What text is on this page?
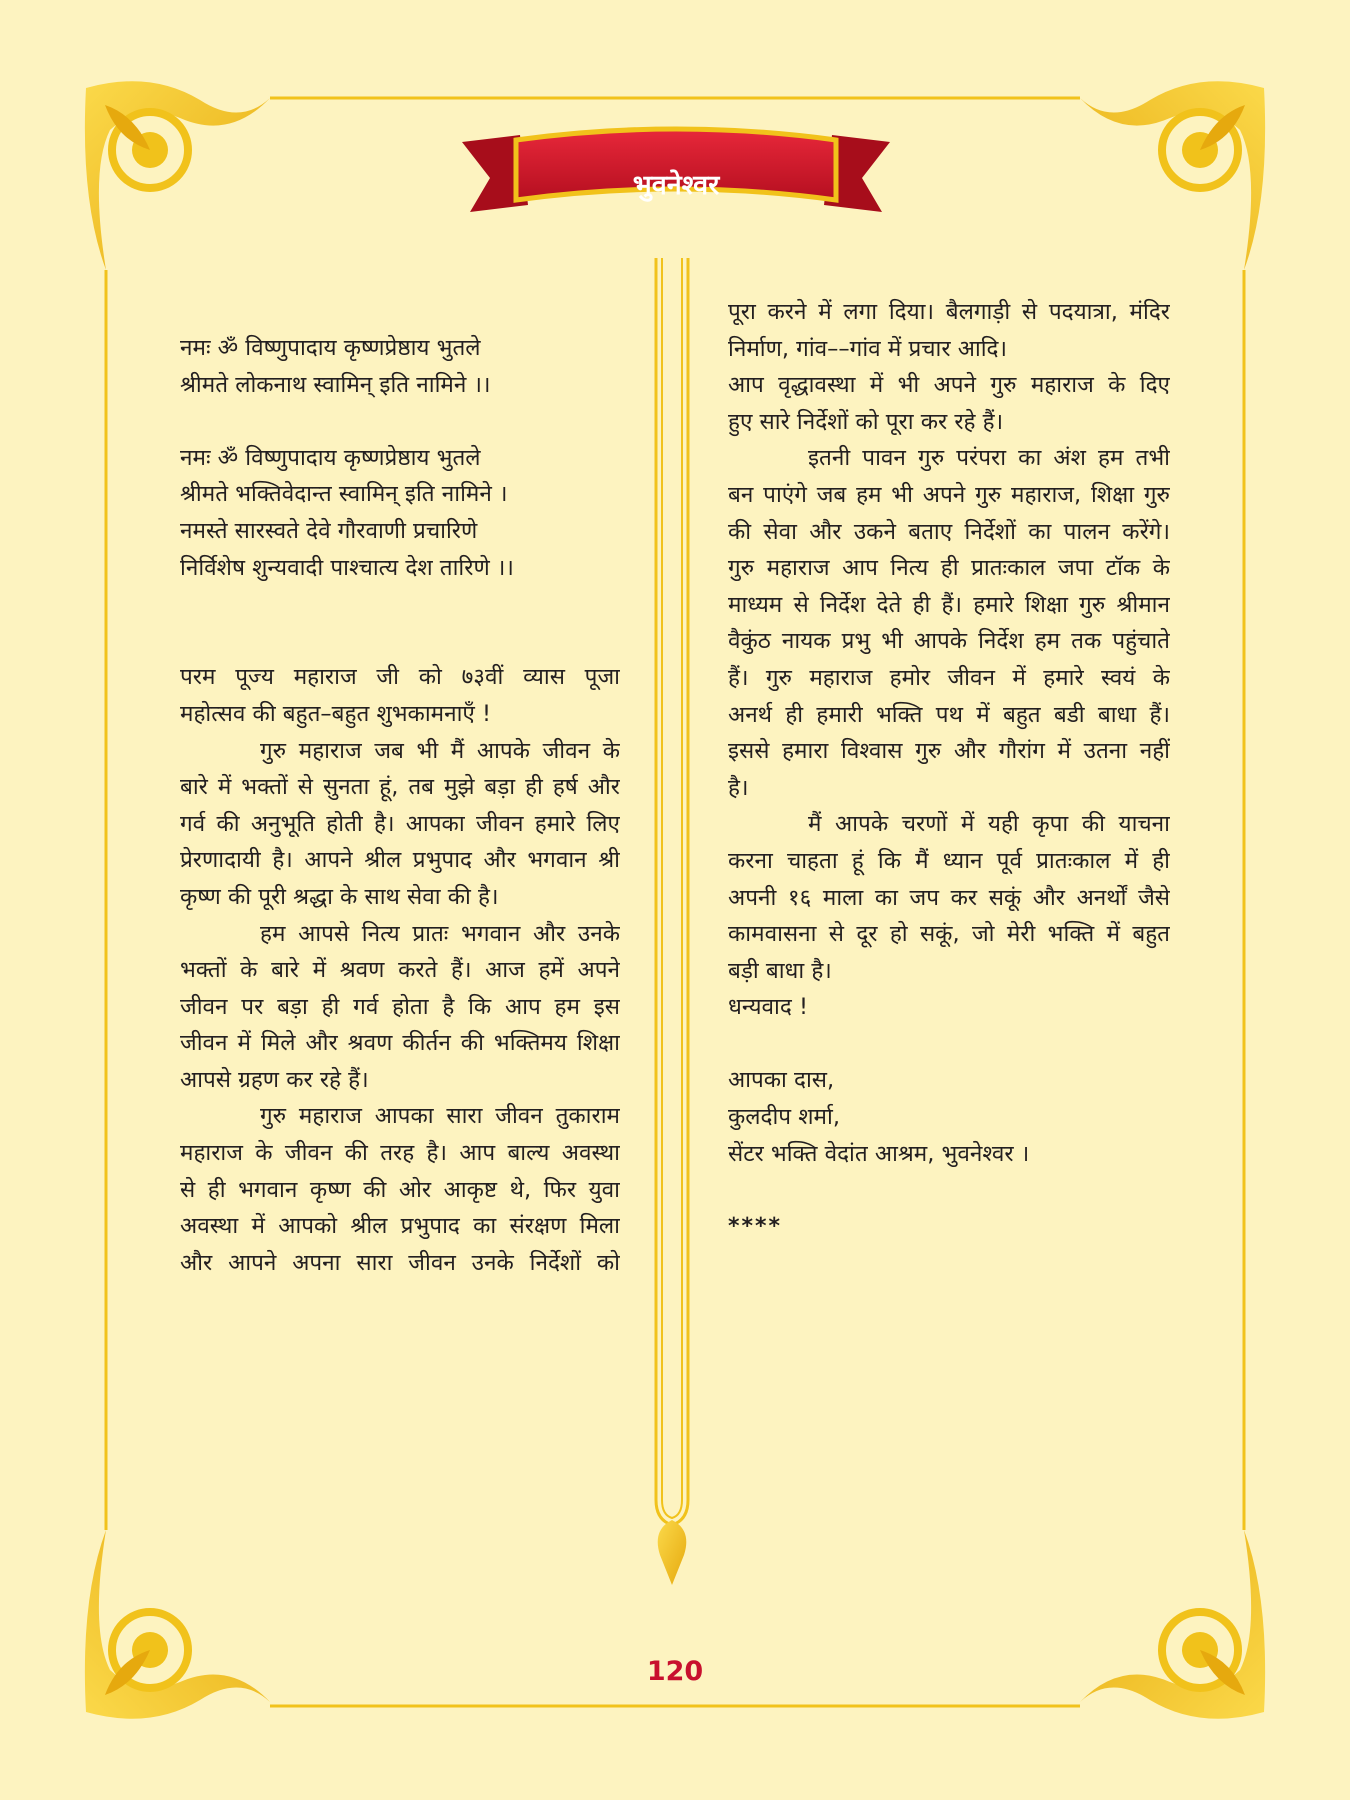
भुवनेश्वर
नमः ॐ विष्णुपादाय कृष्णप्रेष्ठाय भुतले
श्रीमते लोकनाथ स्वामिन् इति नामिने ।।
नमः ॐ विष्णुपादाय कृष्णप्रेष्ठाय भुतले
श्रीमते भक्तिवेदान्त स्वामिन् इति नामिने ।
नमस्ते सारस्वते देवे गौरवाणी प्रचारिणे
निर्विशेष शुन्यवादी पाश्चात्य देश तारिणे ।।
परम पूज्य महाराज जी को ७३वीं व्यास पूजा
महोत्सव की बहुत–बहुत शुभकामनाएँ !
गुरु महाराज जब भी मैं आपके जीवन के
बारे में भक्तों से सुनता हूं, तब मुझे बड़ा ही हर्ष और
गर्व की अनुभूति होती है। आपका जीवन हमारे लिए
प्रेरणादायी है। आपने श्रील प्रभुपाद और भगवान श्री
कृष्ण की पूरी श्रद्धा के साथ सेवा की है।
हम आपसे नित्य प्रातः भगवान और उनके
भक्तों के बारे में श्रवण करते हैं। आज हमें अपने
जीवन पर बड़ा ही गर्व होता है कि आप हम इस
जीवन में मिले और श्रवण कीर्तन की भक्तिमय शिक्षा
आपसे ग्रहण कर रहे हैं।
गुरु महाराज आपका सारा जीवन तुकाराम
महाराज के जीवन की तरह है। आप बाल्य अवस्था
से ही भगवान कृष्ण की ओर आकृष्ट थे, फिर युवा
अवस्था में आपको श्रील प्रभुपाद का संरक्षण मिला
और आपने अपना सारा जीवन उनके निर्देशों को
पूरा करने में लगा दिया। बैलगाड़ी से पदयात्रा, मंदिर
निर्माण, गांव––गांव में प्रचार आदि।
आप वृद्धावस्था में भी अपने गुरु महाराज के दिए
हुए सारे निर्देशों को पूरा कर रहे हैं।
इतनी पावन गुरु परंपरा का अंश हम तभी
बन पाएंगे जब हम भी अपने गुरु महाराज, शिक्षा गुरु
की सेवा और उकने बताए निर्देशों का पालन करेंगे।
गुरु महाराज आप नित्य ही प्रातःकाल जपा टॉक के
माध्यम से निर्देश देते ही हैं। हमारे शिक्षा गुरु श्रीमान
वैकुंठ नायक प्रभु भी आपके निर्देश हम तक पहुंचाते
हैं। गुरु महाराज हमोर जीवन में हमारे स्वयं के
अनर्थ ही हमारी भक्ति पथ में बहुत बडी बाधा हैं।
इससे हमारा विश्वास गुरु और गौरांग में उतना नहीं
है।
मैं आपके चरणों में यही कृपा की याचना
करना चाहता हूं कि मैं ध्यान पूर्व प्रातःकाल में ही
अपनी १६ माला का जप कर सकूं और अनर्थों जैसे
कामवासना से दूर हो सकूं, जो मेरी भक्ति में बहुत
बड़ी बाधा है।
धन्यवाद !
आपका दास,
कुलदीप शर्मा,
सेंटर भक्ति वेदांत आश्रम, भुवनेश्वर ।
****
120
